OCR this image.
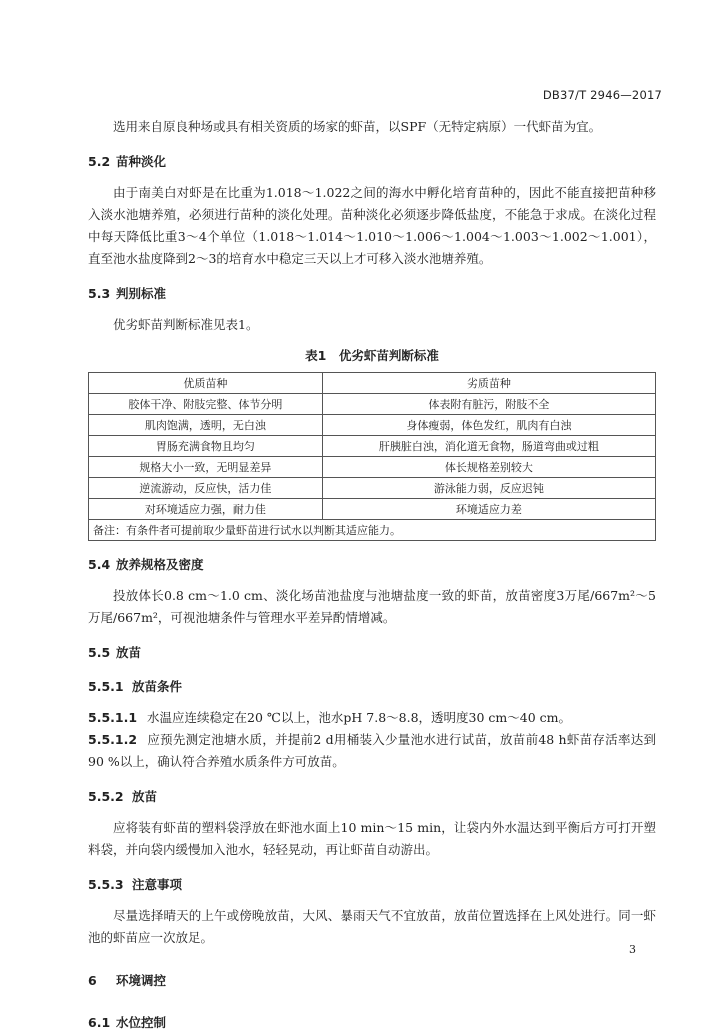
DB37/T 2946—2017

选用来自原良种场或具有相关资质的场家的虾苗，以SPF（无特定病原）一代虾苗为宜。

5.2 苗种淡化

由于南美白对虾是在比重为1.018～1.022之间的海水中孵化培育苗种的，因此不能直接把苗种移入淡水池塘养殖，必须进行苗种的淡化处理。苗种淡化必须逐步降低盐度，不能急于求成。在淡化过程中每天降低比重3～4个单位（1.018～1.014～1.010～1.006～1.004～1.003～1.002～1.001），直至池水盐度降到2～3的培育水中稳定三天以上才可移入淡水池塘养殖。

5.3 判别标准

优劣虾苗判断标准见表1。

表1　优劣虾苗判断标准
优质苗种	劣质苗种
胶体干净、附肢完整、体节分明	体表附有脏污，附肢不全
肌肉饱满，透明，无白浊	身体瘦弱，体色发红，肌肉有白浊
胃肠充满食物且均匀	肝胰脏白浊，消化道无食物，肠道弯曲或过粗
规格大小一致，无明显差异	体长规格差别较大
逆流游动，反应快，活力佳	游泳能力弱，反应迟钝
对环境适应力强，耐力佳	环境适应力差
备注：有条件者可提前取少量虾苗进行试水以判断其适应能力。	
5.4 放养规格及密度

投放体长0.8 cm～1.0 cm、淡化场苗池盐度与池塘盐度一致的虾苗，放苗密度3万尾/667m²～5万尾/667m²，可视池塘条件与管理水平差异酌情增减。

5.5 放苗
5.5.1 放苗条件
5.5.1.1 水温应连续稳定在20 ℃以上，池水pH 7.8～8.8，透明度30 cm～40 cm。
5.5.1.2 应预先测定池塘水质，并提前2 d用桶装入少量池水进行试苗，放苗前48 h虾苗存活率达到90 %以上，确认符合养殖水质条件方可放苗。
5.5.2 放苗

应将装有虾苗的塑料袋浮放在虾池水面上10 min～15 min，让袋内外水温达到平衡后方可打开塑料袋，并向袋内缓慢加入池水，轻轻晃动，再让虾苗自动游出。

5.5.3 注意事项

尽量选择晴天的上午或傍晚放苗，大风、暴雨天气不宜放苗，放苗位置选择在上风处进行。同一虾池的虾苗应一次放足。

6 环境调控
6.1 水位控制
3
